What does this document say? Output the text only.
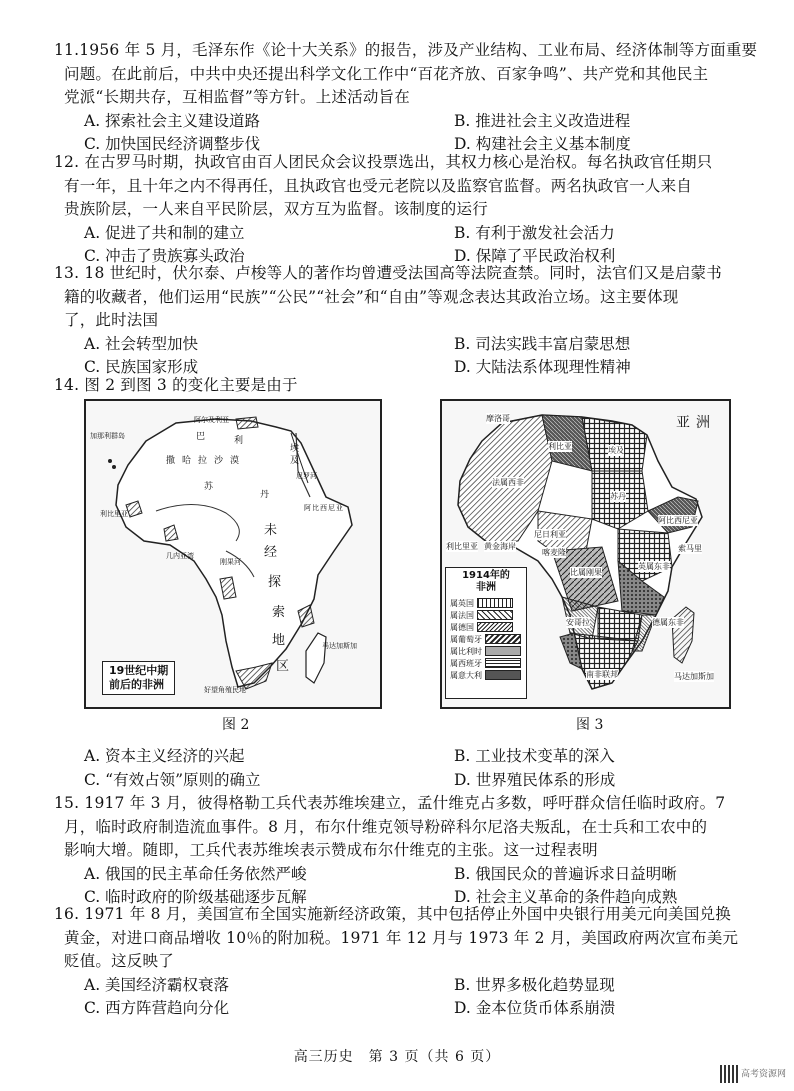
11.1956 年 5 月，毛泽东作《论十大关系》的报告，涉及产业结构、工业布局、经济体制等方面重要

问题。在此前后，中共中央还提出科学文化工作中“百花齐放、百家争鸣”、共产党和其他民主

党派“长期共存，互相监督”等方针。上述活动旨在

A. 探索社会主义建设道路	B. 推进社会主义改造进程
C. 加快国民经济调整步伐	D. 构建社会主义基本制度

12. 在古罗马时期，执政官由百人团民众会议投票选出，其权力核心是治权。每名执政官任期只

有一年，且十年之内不得再任，且执政官也受元老院以及监察官监督。两名执政官一人来自

贵族阶层，一人来自平民阶层，双方互为监督。该制度的运行

A. 促进了共和制的建立	B. 有利于激发社会活力
C. 冲击了贵族寡头政治	D. 保障了平民政治权利

13. 18 世纪时，伏尔泰、卢梭等人的著作均曾遭受法国高等法院查禁。同时，法官们又是启蒙书

籍的收藏者，他们运用“民族”“公民”“社会”和“自由”等观念表达其政治立场。这主要体现

了，此时法国

A. 社会转型加快	B. 司法实践丰富启蒙思想
C. 民族国家形成	D. 大陆法系体现理性精神

14. 图 2 到图 3 的变化主要是由于

加那利群岛
撒 哈 拉 沙 漠
巴	利
埃
及
苏
丹
阿 比 西 尼 亚
未
经
探
索
地
区
好望角殖民地
马达加斯加
几内亚湾
刚果河
尼罗河
阿尔及利亚
利比里亚
19世纪中期
前后的非洲
图 2
摩洛哥
利比亚	埃及
法属西非
尼日利亚
阿比西尼亚
英属东非
德属东非
比属刚果
安哥拉
南非联邦	马达加斯加
利比里亚 黄金海岸
喀麦隆	索马里
苏丹
亚洲
1914年的
非洲
属英国
属法国
属德国
属葡萄牙
属比利时
属西班牙
属意大利
图 3
A. 资本主义经济的兴起	B. 工业技术变革的深入
C. “有效占领”原则的确立	D. 世界殖民体系的形成

15. 1917 年 3 月，彼得格勒工兵代表苏维埃建立，孟什维克占多数，呼吁群众信任临时政府。7

月，临时政府制造流血事件。8 月，布尔什维克领导粉碎科尔尼洛夫叛乱，在士兵和工农中的

影响大增。随即，工兵代表苏维埃表示赞成布尔什维克的主张。这一过程表明

A. 俄国的民主革命任务依然严峻	B. 俄国民众的普遍诉求日益明晰
C. 临时政府的阶级基础逐步瓦解	D. 社会主义革命的条件趋向成熟

16. 1971 年 8 月，美国宣布全国实施新经济政策，其中包括停止外国中央银行用美元向美国兑换

黄金，对进口商品增收 10％的附加税。1971 年 12 月与 1973 年 2 月，美国政府两次宣布美元

贬值。这反映了

A. 美国经济霸权衰落	B. 世界多极化趋势显现
C. 西方阵营趋向分化	D. 金本位货币体系崩溃
高三历史　第 3 页（共 6 页）
高考资源网
